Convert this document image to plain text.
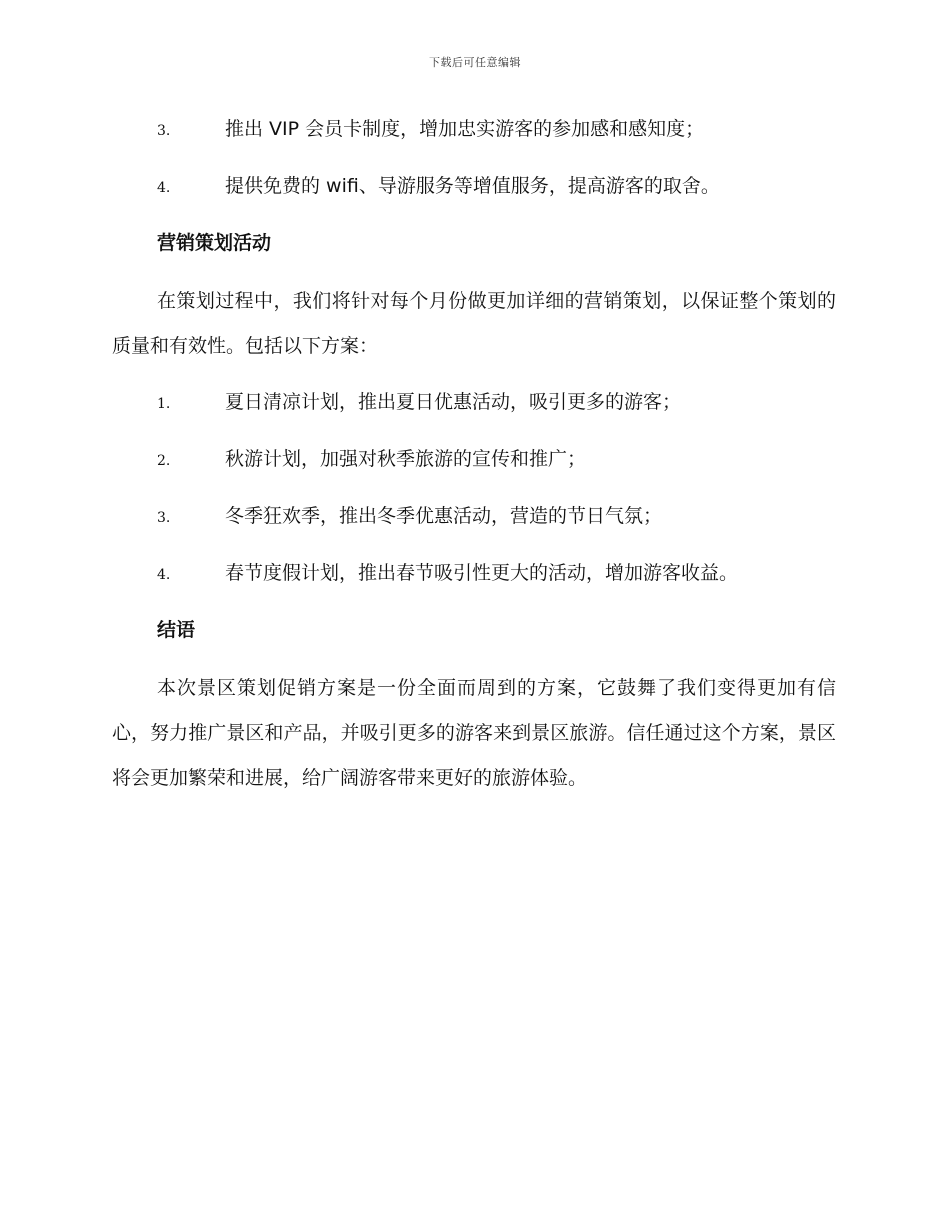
下载后可任意编辑
3.	推出 VIP 会员卡制度，增加忠实游客的参加感和感知度；
4.	提供免费的 wifi、导游服务等增值服务，提高游客的取舍。
营销策划活动

在策划过程中，我们将针对每个月份做更加详细的营销策划，以保证整个策划的质量和有效性。包括以下方案：

1.	夏日清凉计划，推出夏日优惠活动，吸引更多的游客；
2.	秋游计划，加强对秋季旅游的宣传和推广；
3.	冬季狂欢季，推出冬季优惠活动，营造的节日气氛；
4.	春节度假计划，推出春节吸引性更大的活动，增加游客收益。
结语

本次景区策划促销方案是一份全面而周到的方案，它鼓舞了我们变得更加有信心，努力推广景区和产品，并吸引更多的游客来到景区旅游。信任通过这个方案，景区将会更加繁荣和进展，给广阔游客带来更好的旅游体验。
